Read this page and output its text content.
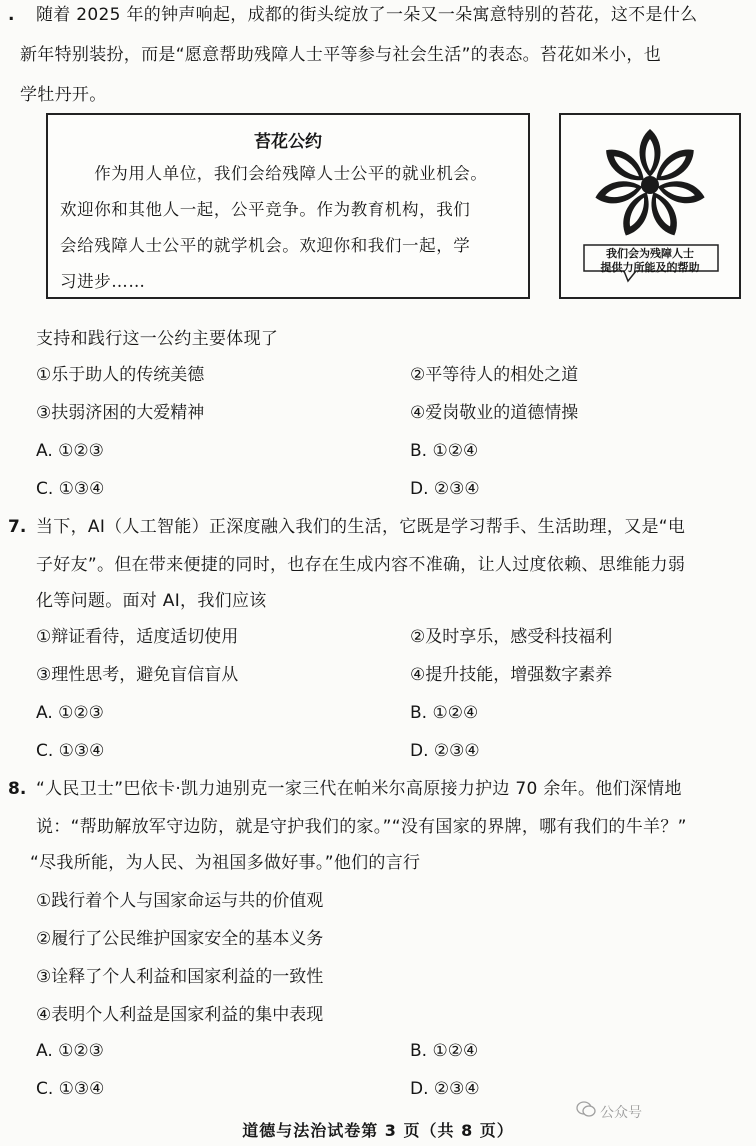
. 随着 2025 年的钟声响起，成都的街头绽放了一朵又一朵寓意特别的苔花，这不是什么
新年特别装扮，而是“愿意帮助残障人士平等参与社会生活”的表态。苔花如米小，也
学牡丹开。
苔花公约
　　作为用人单位，我们会给残障人士公平的就业机会。
欢迎你和其他人一起，公平竞争。作为教育机构，我们
会给残障人士公平的就学机会。欢迎你和我们一起，学
习进步……
我们会为残障人士
提供力所能及的帮助
支持和践行这一公约主要体现了
①乐于助人的传统美德	②平等待人的相处之道
③扶弱济困的大爱精神	④爱岗敬业的道德情操
A. ①②③	B. ①②④
C. ①③④	D. ②③④
7. 当下，AI（人工智能）正深度融入我们的生活，它既是学习帮手、生活助理，又是“电
子好友”。但在带来便捷的同时，也存在生成内容不准确，让人过度依赖、思维能力弱
化等问题。面对 AI，我们应该
①辩证看待，适度适切使用	②及时享乐，感受科技福利
③理性思考，避免盲信盲从	④提升技能，增强数字素养
A. ①②③	B. ①②④
C. ①③④	D. ②③④
8. “人民卫士”巴依卡·凯力迪别克一家三代在帕米尔高原接力护边 70 余年。他们深情地
说：“帮助解放军守边防，就是守护我们的家。”“没有国家的界牌，哪有我们的牛羊？”
“尽我所能，为人民、为祖国多做好事。”他们的言行
①践行着个人与国家命运与共的价值观
②履行了公民维护国家安全的基本义务
③诠释了个人利益和国家利益的一致性
④表明个人利益是国家利益的集中表现
A. ①②③	B. ①②④
C. ①③④	D. ②③④
道德与法治试卷第 3 页（共 8 页）
公众号
